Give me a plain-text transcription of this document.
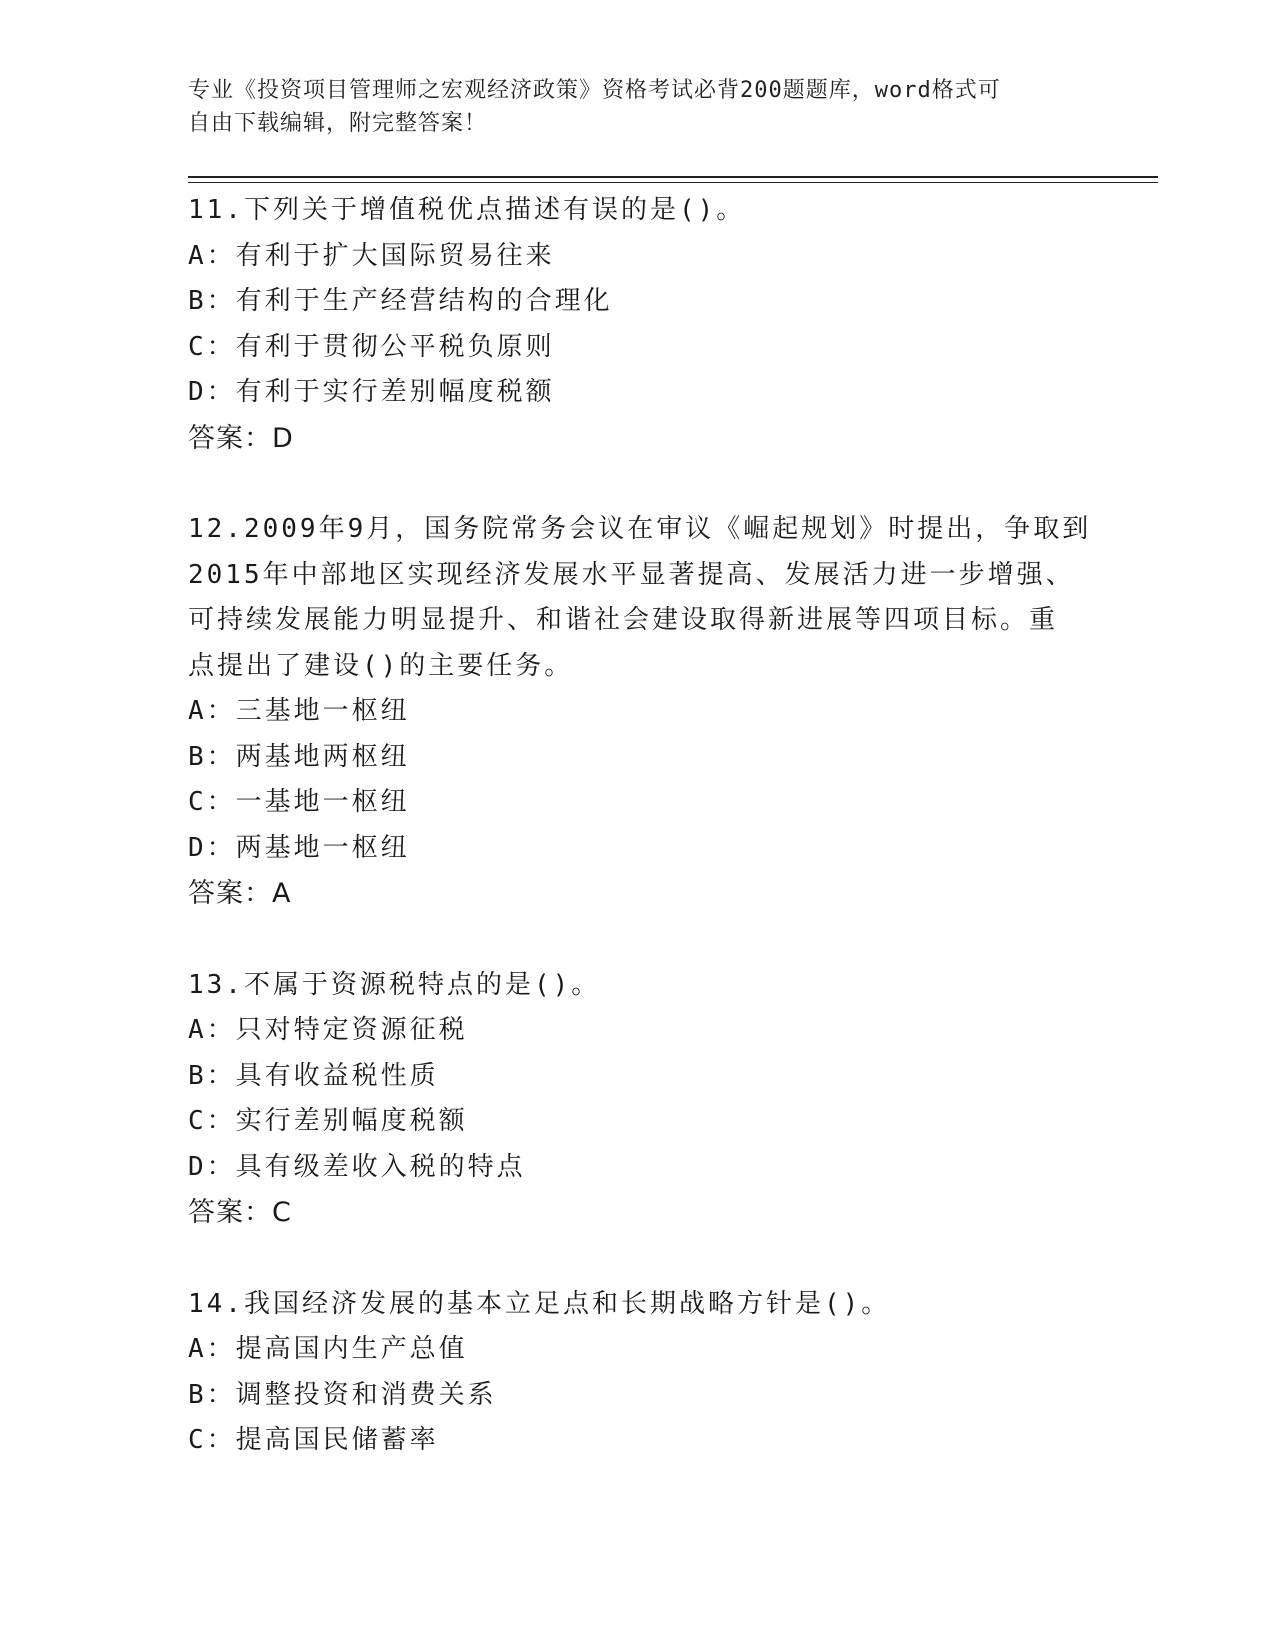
专业《投资项目管理师之宏观经济政策》资格考试必背200题题库，word格式可
自由下载编辑，附完整答案！
11.下列关于增值税优点描述有误的是()。
A：有利于扩大国际贸易往来
B：有利于生产经营结构的合理化
C：有利于贯彻公平税负原则
D：有利于实行差别幅度税额
答案：D
12.2009年9月，国务院常务会议在审议《崛起规划》时提出，争取到
2015年中部地区实现经济发展水平显著提高、发展活力进一步增强、
可持续发展能力明显提升、和谐社会建设取得新进展等四项目标。重
点提出了建设()的主要任务。
A：三基地一枢纽
B：两基地两枢纽
C：一基地一枢纽
D：两基地一枢纽
答案：A
13.不属于资源税特点的是()。
A：只对特定资源征税
B：具有收益税性质
C：实行差别幅度税额
D：具有级差收入税的特点
答案：C
14.我国经济发展的基本立足点和长期战略方针是()。
A：提高国内生产总值
B：调整投资和消费关系
C：提高国民储蓄率
